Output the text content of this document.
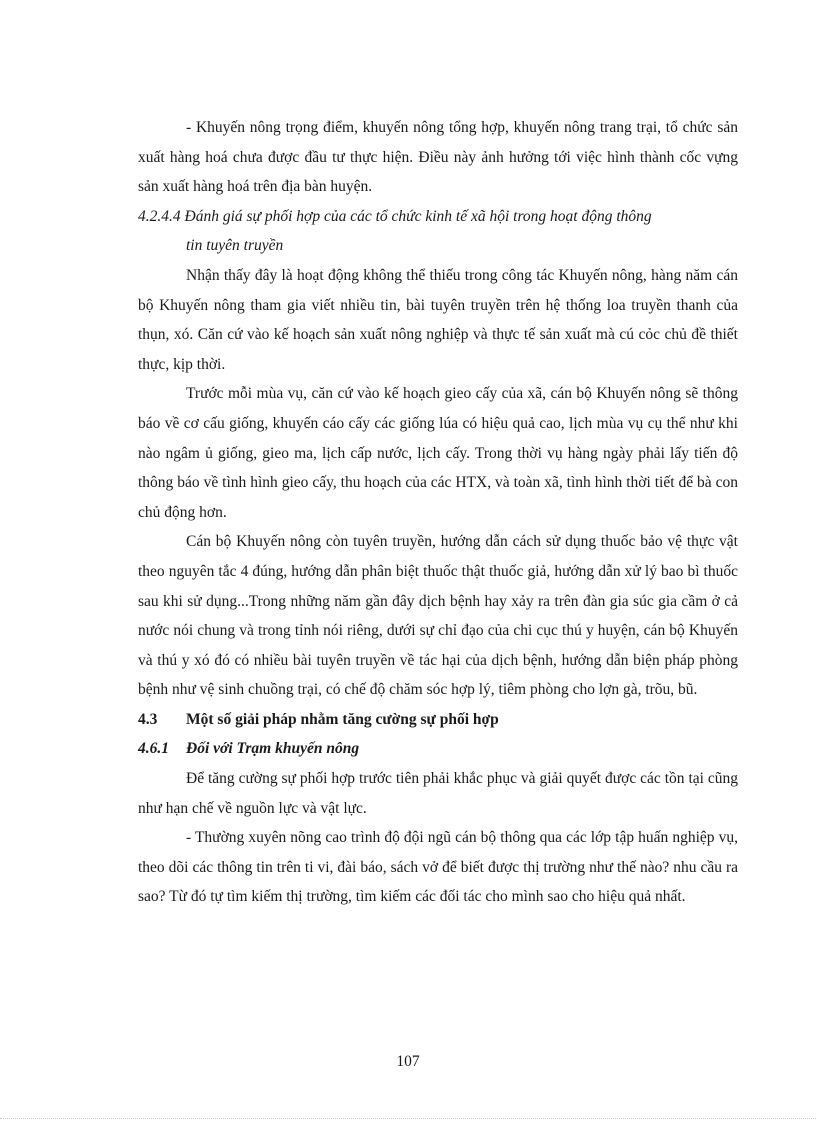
- Khuyến nông trọng điểm, khuyến nông tổng hợp, khuyến nông trang trại, tổ chức sản xuất hàng hoá chưa được đầu tư thực hiện. Điều này ảnh hưởng tới việc hình thành cốc vựng sản xuất hàng hoá trên địa bàn huyện.

4.2.4.4 Đánh giá sự phối hợp của các tổ chức kinh tế xã hội trong hoạt động thông
tin tuyên truyền

Nhận thấy đây là hoạt động không thể thiếu trong công tác Khuyến nông, hàng năm cán bộ Khuyến nông tham gia viết nhiều tin, bài tuyên truyền trên hệ thống loa truyền thanh của thụn, xó. Căn cứ vào kế hoạch sản xuất nông nghiệp và thực tế sản xuất mà cú cỏc chủ đề thiết thực, kịp thời.

Trước mỗi mùa vụ, căn cứ vào kế hoạch gieo cấy của xã, cán bộ Khuyến nông sẽ thông báo về cơ cấu giống, khuyến cáo cấy các giống lúa có hiệu quả cao, lịch mùa vụ cụ thể như khi nào ngâm ủ giống, gieo ma, lịch cấp nước, lịch cấy. Trong thời vụ hàng ngày phải lấy tiến độ thông báo về tình hình gieo cấy, thu hoạch của các HTX, và toàn xã, tình hình thời tiết để bà con chủ động hơn.

Cán bộ Khuyến nông còn tuyên truyền, hướng dẫn cách sử dụng thuốc bảo vệ thực vật theo nguyên tắc 4 đúng, hướng dẫn phân biệt thuốc thật thuốc giả, hướng dẫn xử lý bao bì thuốc sau khi sử dụng...Trong những năm gần đây dịch bệnh hay xảy ra trên đàn gia súc gia cầm ở cả nước nói chung và trong tỉnh nói riêng, dưới sự chỉ đạo của chi cục thú y huyện, cán bộ Khuyến và thú y xó đó có nhiều bài tuyên truyền về tác hại của dịch bệnh, hướng dẫn biện pháp phòng bệnh như vệ sinh chuồng trại, có chế độ chăm sóc hợp lý, tiêm phòng cho lợn gà, trõu, bũ.

4.3 Một số giải pháp nhằm tăng cường sự phối hợp

4.6.1 Đối với Trạm khuyến nông

Để tăng cường sự phối hợp trước tiên phải khắc phục và giải quyết được các tồn tại cũng như hạn chế về nguồn lực và vật lực.

- Thường xuyên nõng cao trình độ đội ngũ cán bộ thông qua các lớp tập huấn nghiệp vụ, theo dõi các thông tin trên ti vi, đài báo, sách vở để biết được thị trường như thế nào? nhu cầu ra sao? Từ đó tự tìm kiếm thị trường, tìm kiếm các đối tác cho mình sao cho hiệu quả nhất.

107
